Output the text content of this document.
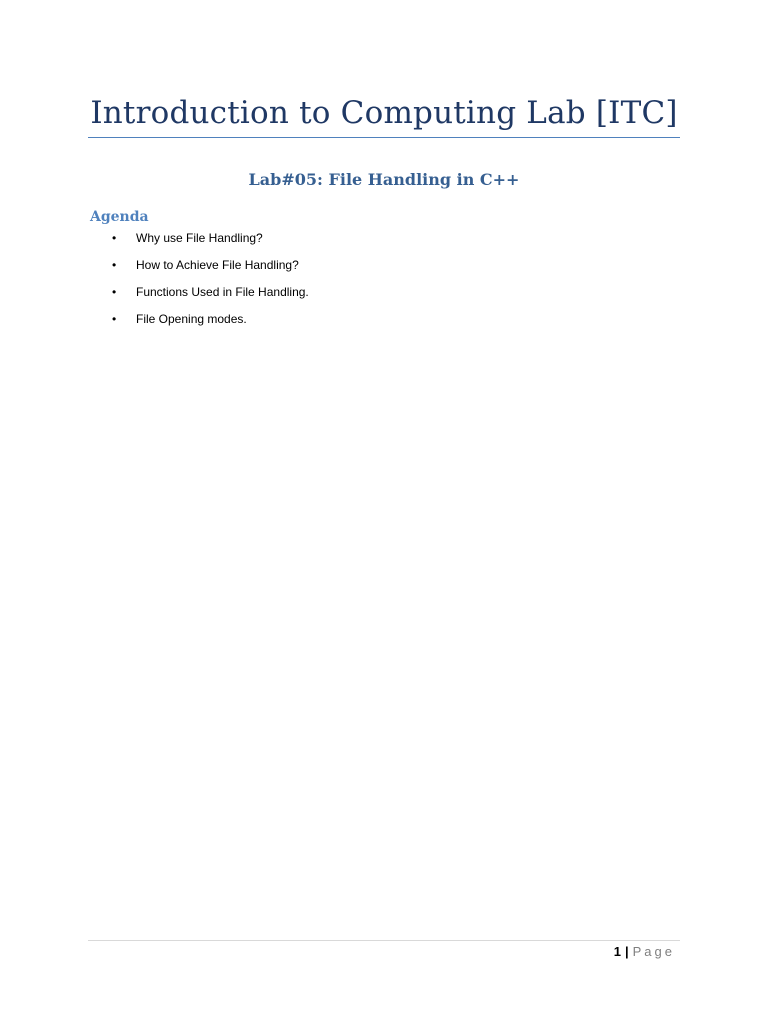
Introduction to Computing Lab [ITC]
Lab#05: File Handling in C++
Agenda
• Why use File Handling?
• How to Achieve File Handling?
• Functions Used in File Handling.
• File Opening modes.
1 | Page
